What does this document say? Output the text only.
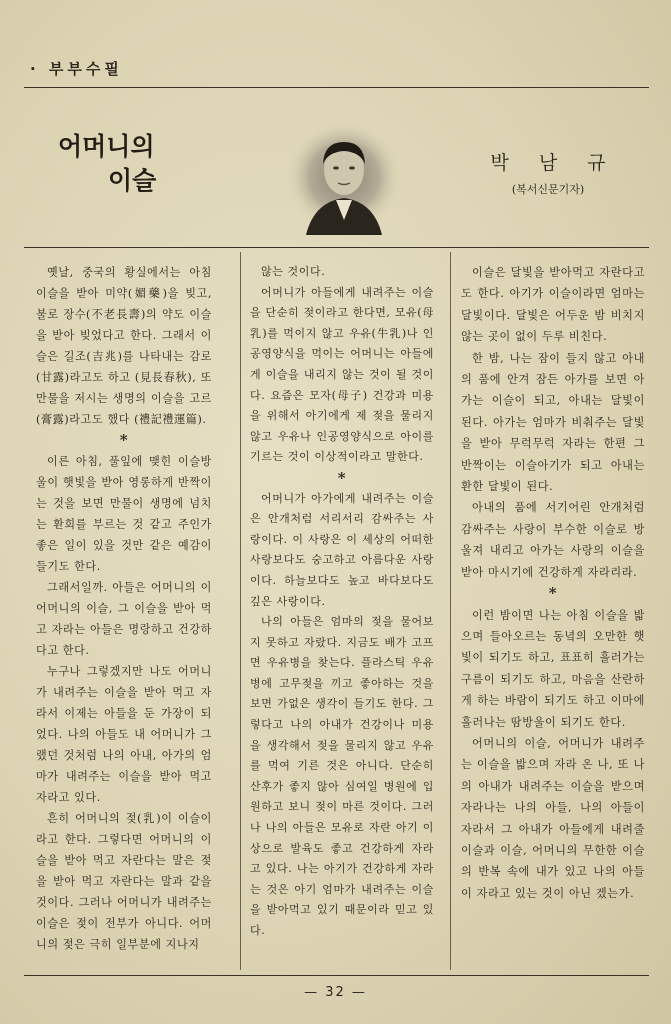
· 부부수필
어머니의
이슬
박 남 규
(복서신문기자)

옛날, 중국의 황실에서는 아침 이슬을 받아 미약(媚藥)을 빚고, 불로 장수(不老長壽)의 약도 이슬을 받아 빚었다고 한다. 그래서 이슬은 길조(吉兆)를 나타내는 감로(甘露)라고도 하고 (見長春秋), 또 만물을 저시는 생명의 이슬을 고르(膏露)라고도 했다 (禮記禮運篇).

*

이른 아침, 풀잎에 맺힌 이슬방울이 햇빛을 받아 영롱하게 반짝이는 것을 보면 만물이 생명에 넘치는 환희를 부르는 것 같고 주인가 좋은 일이 있을 것만 같은 예감이 들기도 한다.

그래서일까. 아들은 어머니의 이 어머니의 이슬, 그 이슬을 받아 먹고 자라는 아들은 명랑하고 건강하다고 한다.

누구나 그렇겠지만 나도 어머니가 내려주는 이슬을 받아 먹고 자라서 이제는 아들을 둔 가장이 되었다. 나의 아들도 내 어머니가 그랬던 것처럼 나의 아내, 아가의 엄마가 내려주는 이슬을 받아 먹고 자라고 있다.

흔히 어머니의 젖(乳)이 이슬이라고 한다. 그렇다면 어머니의 이슬을 받아 먹고 자란다는 말은 젖을 받아 먹고 자란다는 말과 같을 것이다. 그러나 어머니가 내려주는 이슬은 젖이 전부가 아니다. 어머니의 젖은 극히 일부분에 지나지

않는 것이다.

어머니가 아들에게 내려주는 이슬을 단순히 젖이라고 한다면, 모유(母乳)를 먹이지 않고 우유(牛乳)나 인공영양식을 먹이는 어머니는 아들에게 이슬을 내리지 않는 것이 될 것이다. 요즘은 모자(母子) 건강과 미용을 위해서 아기에게 제 젖을 물리지 않고 우유나 인공영양식으로 아이를 기르는 것이 이상적이라고 말한다.

*

어머니가 아가에게 내려주는 이슬은 안개처럼 서리서리 감싸주는 사랑이다. 이 사랑은 이 세상의 어떠한 사랑보다도 숭고하고 아름다운 사랑이다. 하늘보다도 높고 바다보다도 깊은 사랑이다.

나의 아들은 엄마의 젖을 물어보지 못하고 자랐다. 지금도 배가 고프면 우유병을 찾는다. 플라스틱 우유병에 고무젖을 끼고 좋아하는 것을 보면 가없은 생각이 들기도 한다. 그렇다고 나의 아내가 건강이나 미용을 생각해서 젖을 물리지 않고 우유를 먹여 기른 것은 아니다. 단순히 산후가 좋지 않아 심여일 병원에 입원하고 보니 젖이 마른 것이다. 그러나 나의 아들은 모유로 자란 아기 이상으로 발육도 좋고 건강하게 자라고 있다. 나는 아기가 건강하게 자라는 것은 아기 엄마가 내려주는 이슬을 받아먹고 있기 때문이라 믿고 있다.

이슬은 달빛을 받아먹고 자란다고도 한다. 아기가 이슬이라면 엄마는 달빛이다. 달빛은 어두운 밤 비치지 않는 곳이 없이 두루 비친다.

한 밤, 나는 잠이 들지 않고 아내의 품에 안겨 잠든 아가를 보면 아가는 이슬이 되고, 아내는 달빛이 된다. 아가는 엄마가 비춰주는 달빛을 받아 무럭무럭 자라는 한편 그 반짝이는 이슬아기가 되고 아내는 환한 달빛이 된다.

아내의 품에 서기어린 안개처럼 감싸주는 사랑이 부수한 이슬로 방울져 내리고 아가는 사랑의 이슬을 받아 마시기에 건강하게 자라리라.

*

이런 밤이면 나는 아침 이슬을 밟으며 들아오르는 동녘의 오만한 햇빛이 되기도 하고, 표표히 흘러가는 구름이 되기도 하고, 마음을 산란하게 하는 바람이 되기도 하고 이마에 흘러나는 땀방울이 되기도 한다.

어머니의 이슬, 어머니가 내려주는 이슬을 밟으며 자라 온 나, 또 나의 아내가 내려주는 이슬을 받으며 자라나는 나의 아들, 나의 아들이 자라서 그 아내가 아들에게 내려줄 이슬과 이슬, 어머니의 무한한 이슬의 반복 속에 내가 있고 나의 아들이 자라고 있는 것이 아닌 겠는가.

— 32 —
